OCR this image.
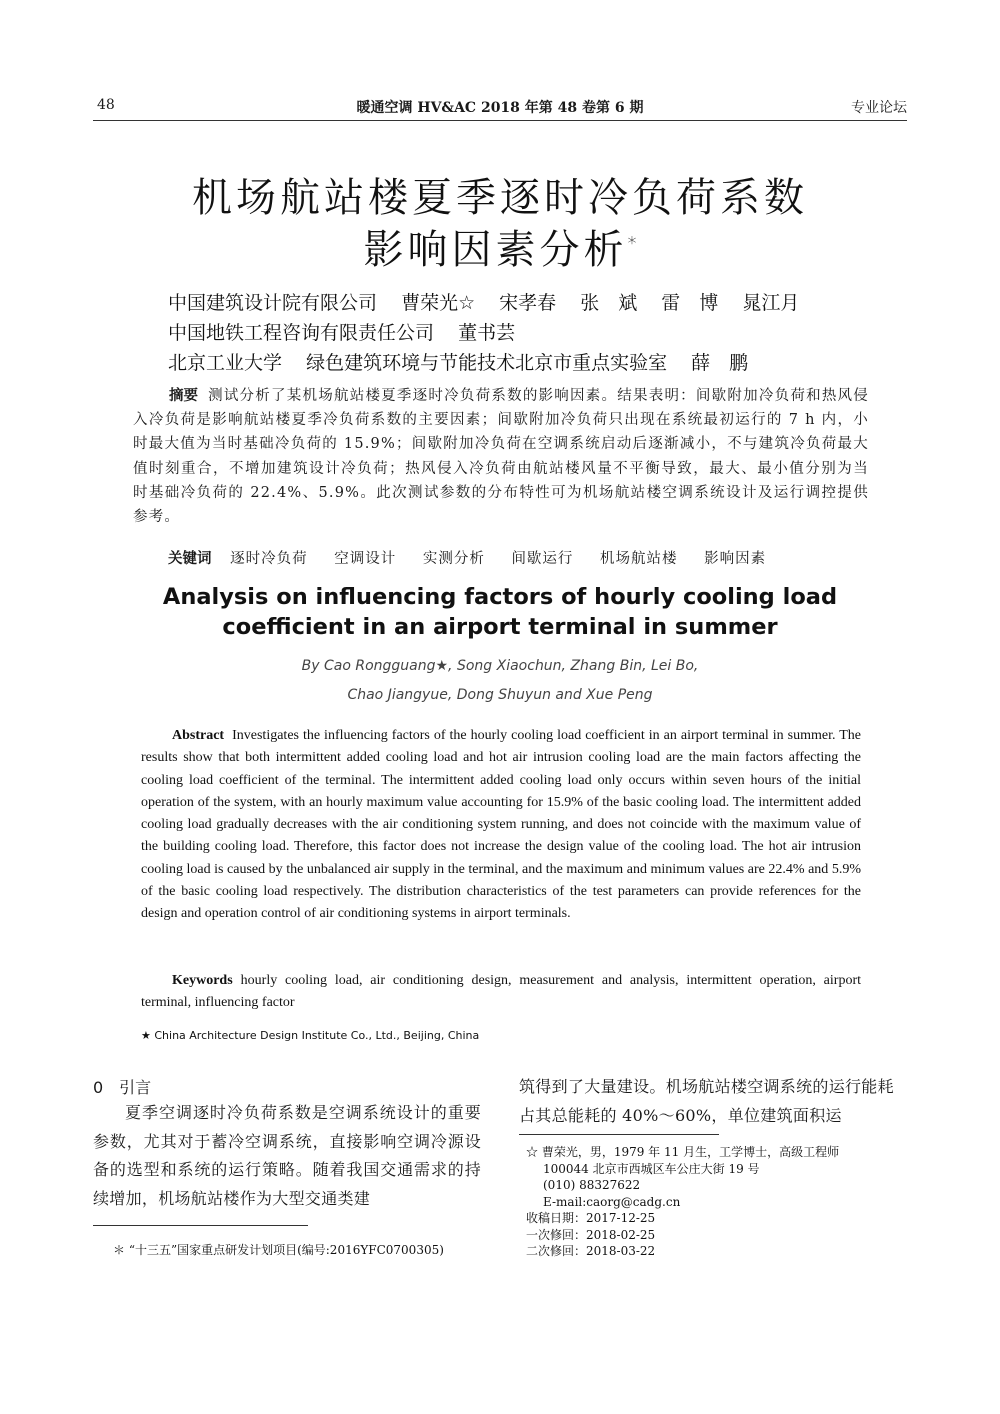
48	暖通空调 HV&AC 2018 年第 48 卷第 6 期	专业论坛
机场航站楼夏季逐时冷负荷系数
影响因素分析*
中国建筑设计院有限公司 曹荣光☆ 宋孝春 张　斌 雷　博 晁江月
中国地铁工程咨询有限责任公司 董书芸
北京工业大学 绿色建筑环境与节能技术北京市重点实验室 薛　鹏
摘要 测试分析了某机场航站楼夏季逐时冷负荷系数的影响因素。结果表明：间歇附加冷负荷和热风侵入冷负荷是影响航站楼夏季冷负荷系数的主要因素；间歇附加冷负荷只出现在系统最初运行的 7 h 内，小时最大值为当时基础冷负荷的 15.9%；间歇附加冷负荷在空调系统启动后逐渐减小，不与建筑冷负荷最大值时刻重合，不增加建筑设计冷负荷；热风侵入冷负荷由航站楼风量不平衡导致，最大、最小值分别为当时基础冷负荷的 22.4%、5.9%。此次测试参数的分布特性可为机场航站楼空调系统设计及运行调控提供参考。
关键词 逐时冷负荷 空调设计 实测分析 间歇运行 机场航站楼 影响因素
Analysis on influencing factors of hourly cooling load
coefficient in an airport terminal in summer
By Cao Rongguang★, Song Xiaochun, Zhang Bin, Lei Bo,
Chao Jiangyue, Dong Shuyun and Xue Peng
Abstract Investigates the influencing factors of the hourly cooling load coefficient in an airport terminal in summer. The results show that both intermittent added cooling load and hot air intrusion cooling load are the main factors affecting the cooling load coefficient of the terminal. The intermittent added cooling load only occurs within seven hours of the initial operation of the system, with an hourly maximum value accounting for 15.9% of the basic cooling load. The intermittent added cooling load gradually decreases with the air conditioning system running, and does not coincide with the maximum value of the building cooling load. Therefore, this factor does not increase the design value of the cooling load. The hot air intrusion cooling load is caused by the unbalanced air supply in the terminal, and the maximum and minimum values are 22.4% and 5.9% of the basic cooling load respectively. The distribution characteristics of the test parameters can provide references for the design and operation control of air conditioning systems in airport terminals.
Keywords hourly cooling load, air conditioning design, measurement and analysis, intermittent operation, airport terminal, influencing factor
★ China Architecture Design Institute Co., Ltd., Beijing, China
0　引言
夏季空调逐时冷负荷系数是空调系统设计的重要参数，尤其对于蓄冷空调系统，直接影响空调冷源设备的选型和系统的运行策略。随着我国交通需求的持续增加，机场航站楼作为大型交通类建
筑得到了大量建设。机场航站楼空调系统的运行能耗占其总能耗的 40%～60%，单位建筑面积运
＊ “十三五”国家重点研发计划项目(编号:2016YFC0700305)
☆ 曹荣光，男，1979 年 11 月生，工学博士，高级工程师
100044 北京市西城区车公庄大街 19 号
(010) 88327622
E-mail:caorg@cadg.cn
收稿日期：2017-12-25
一次修回：2018-02-25
二次修回：2018-03-22
